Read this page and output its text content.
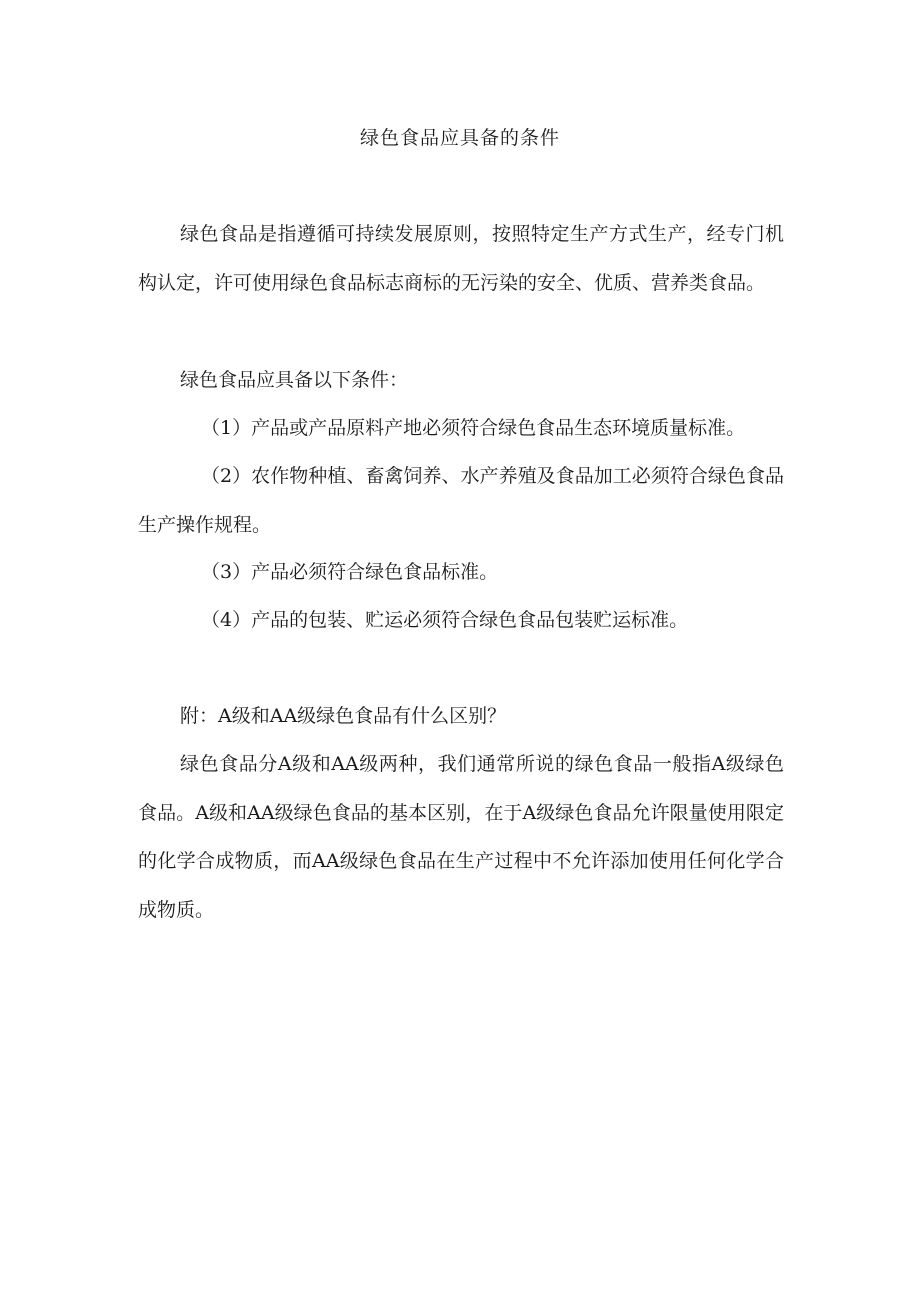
绿色食品应具备的条件

绿色食品是指遵循可持续发展原则，按照特定生产方式生产，经专门机构认定，许可使用绿色食品标志商标的无污染的安全、优质、营养类食品。

绿色食品应具备以下条件：

（1）产品或产品原料产地必须符合绿色食品生态环境质量标准。

（2）农作物种植、畜禽饲养、水产养殖及食品加工必须符合绿色食品生产操作规程。

（3）产品必须符合绿色食品标准。

（4）产品的包装、贮运必须符合绿色食品包装贮运标准。

附：A级和AA级绿色食品有什么区别？

绿色食品分A级和AA级两种，我们通常所说的绿色食品一般指A级绿色食品。A级和AA级绿色食品的基本区别，在于A级绿色食品允许限量使用限定的化学合成物质，而AA级绿色食品在生产过程中不允许添加使用任何化学合成物质。
